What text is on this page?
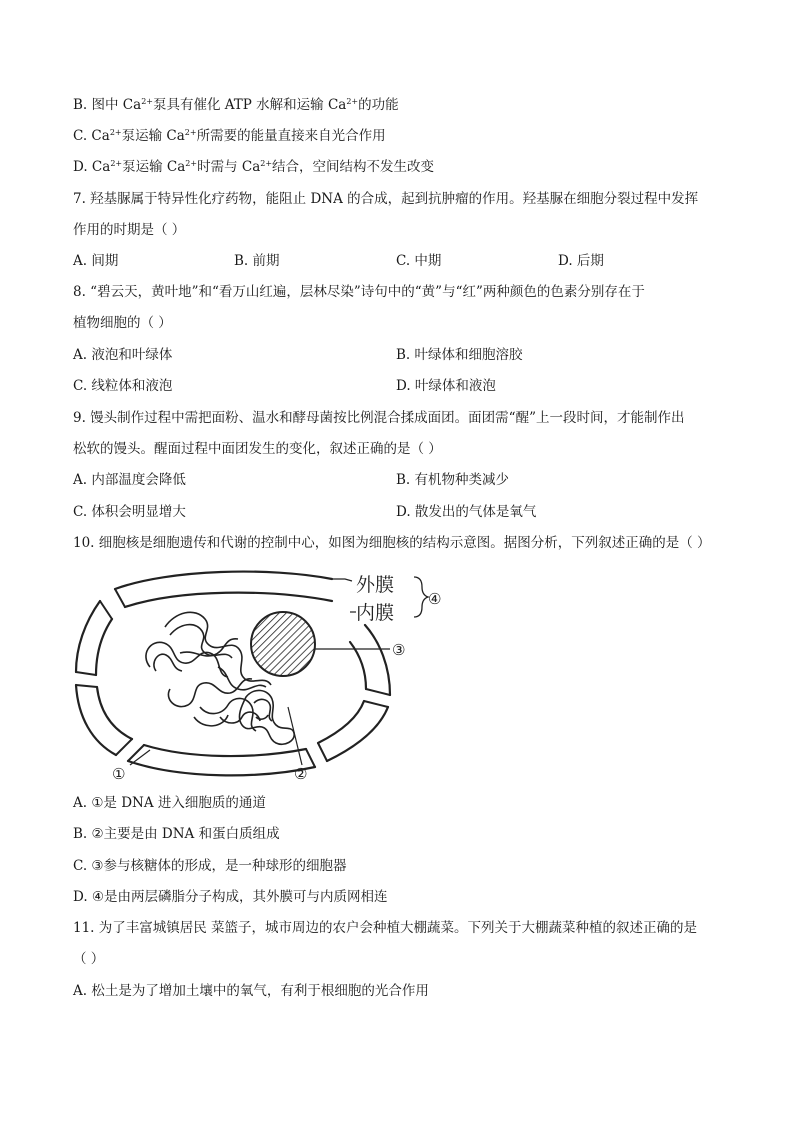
B. 图中 $Ca^{2+}$泵具有催化 ATP 水解和运输 $Ca^{2+}$的功能
C. $Ca^{2+}$泵运输 $Ca^{2+}$所需要的能量直接来自光合作用
D. $Ca^{2+}$泵运输 $Ca^{2+}$时需与 $Ca^{2+}$结合，空间结构不发生改变
7. 羟基脲属于特异性化疗药物，能阻止 DNA 的合成，起到抗肿瘤的作用。羟基脲在细胞分裂过程中发挥
作用的时期是（ ）
A. 间期	B. 前期	C. 中期	D. 后期
8. “碧云天，黄叶地”和“看万山红遍，层林尽染”诗句中的“黄”与“红”两种颜色的色素分别存在于
植物细胞的（ ）
A. 液泡和叶绿体	B. 叶绿体和细胞溶胶
C. 线粒体和液泡	D. 叶绿体和液泡
9. 馒头制作过程中需把面粉、温水和酵母菌按比例混合揉成面团。面团需“醒”上一段时间，才能制作出
松软的馒头。醒面过程中面团发生的变化，叙述正确的是（ ）
A. 内部温度会降低	B. 有机物种类减少
C. 体积会明显增大	D. 散发出的气体是氧气
10. 细胞核是细胞遗传和代谢的控制中心，如图为细胞核的结构示意图。据图分析，下列叙述正确的是（ ）
外膜
内膜
④
③
②
①
A. ①是 DNA 进入细胞质的通道
B. ②主要是由 DNA 和蛋白质组成
C. ③参与核糖体的形成，是一种球形的细胞器
D. ④是由两层磷脂分子构成，其外膜可与内质网相连
11. 为了丰富城镇居民 菜篮子，城市周边的农户会种植大棚蔬菜。下列关于大棚蔬菜种植的叙述正确的是
（ ）
A. 松土是为了增加土壤中的氧气，有利于根细胞的光合作用
